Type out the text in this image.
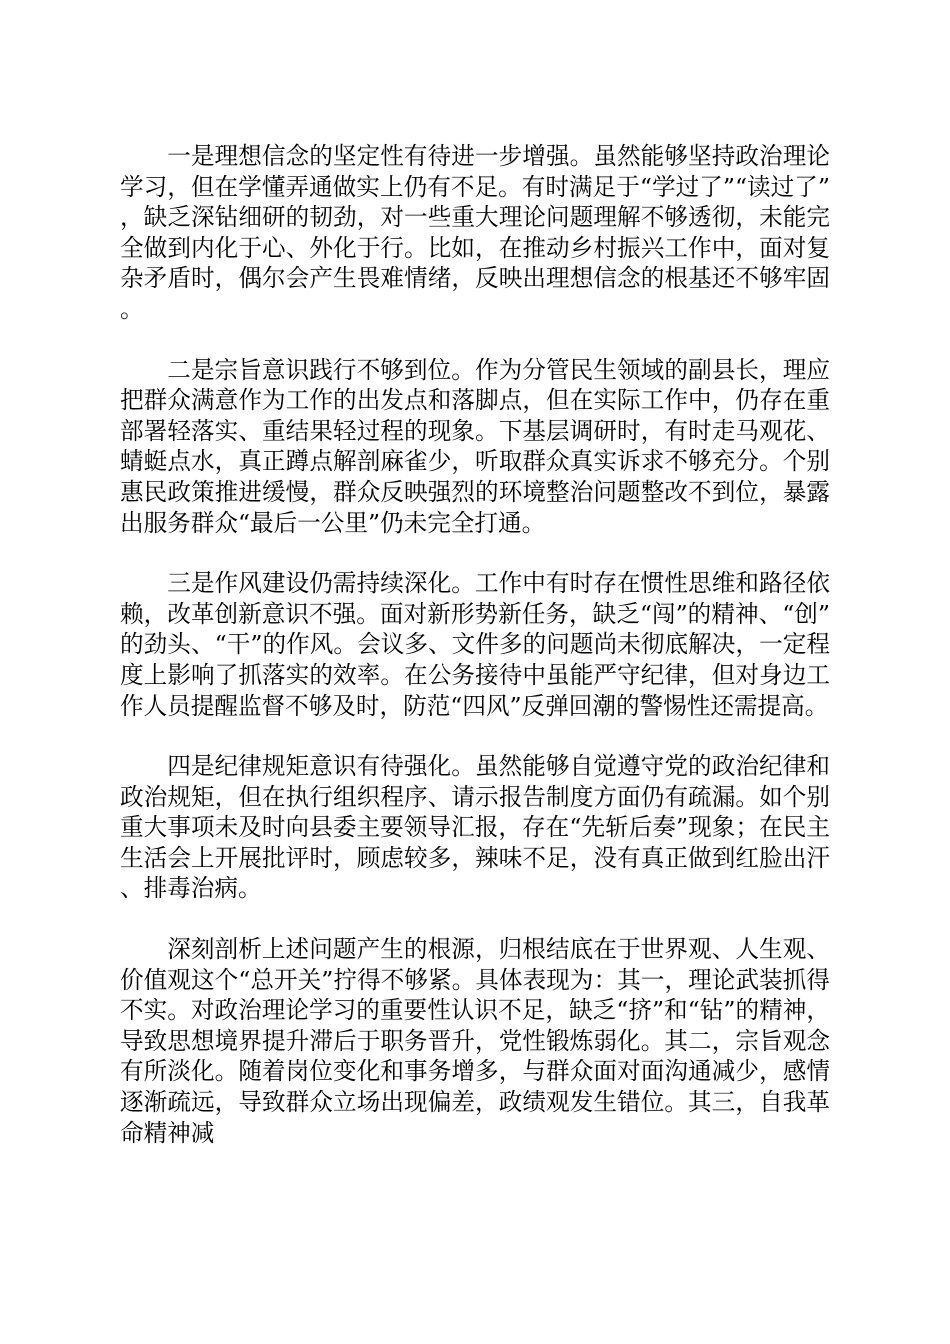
一是理想信念的坚定性有待进一步增强。虽然能够坚持政治理论学习，但在学懂弄通做实上仍有不足。有时满足于“学过了”“读过了”，缺乏深钻细研的韧劲，对一些重大理论问题理解不够透彻，未能完全做到内化于心、外化于行。比如，在推动乡村振兴工作中，面对复杂矛盾时，偶尔会产生畏难情绪，反映出理想信念的根基还不够牢固。

二是宗旨意识践行不够到位。作为分管民生领域的副县长，理应把群众满意作为工作的出发点和落脚点，但在实际工作中，仍存在重部署轻落实、重结果轻过程的现象。下基层调研时，有时走马观花、蜻蜓点水，真正蹲点解剖麻雀少，听取群众真实诉求不够充分。个别惠民政策推进缓慢，群众反映强烈的环境整治问题整改不到位，暴露出服务群众“最后一公里”仍未完全打通。

三是作风建设仍需持续深化。工作中有时存在惯性思维和路径依赖，改革创新意识不强。面对新形势新任务，缺乏“闯”的精神、“创”的劲头、“干”的作风。会议多、文件多的问题尚未彻底解决，一定程度上影响了抓落实的效率。在公务接待中虽能严守纪律，但对身边工作人员提醒监督不够及时，防范“四风”反弹回潮的警惕性还需提高。

四是纪律规矩意识有待强化。虽然能够自觉遵守党的政治纪律和政治规矩，但在执行组织程序、请示报告制度方面仍有疏漏。如个别重大事项未及时向县委主要领导汇报，存在“先斩后奏”现象；在民主生活会上开展批评时，顾虑较多，辣味不足，没有真正做到红脸出汗、排毒治病。

深刻剖析上述问题产生的根源，归根结底在于世界观、人生观、价值观这个“总开关”拧得不够紧。具体表现为：其一，理论武装抓得不实。对政治理论学习的重要性认识不足，缺乏“挤”和“钻”的精神，导致思想境界提升滞后于职务晋升，党性锻炼弱化。其二，宗旨观念有所淡化。随着岗位变化和事务增多，与群众面对面沟通减少，感情逐渐疏远，导致群众立场出现偏差，政绩观发生错位。其三，自我革命精神减
